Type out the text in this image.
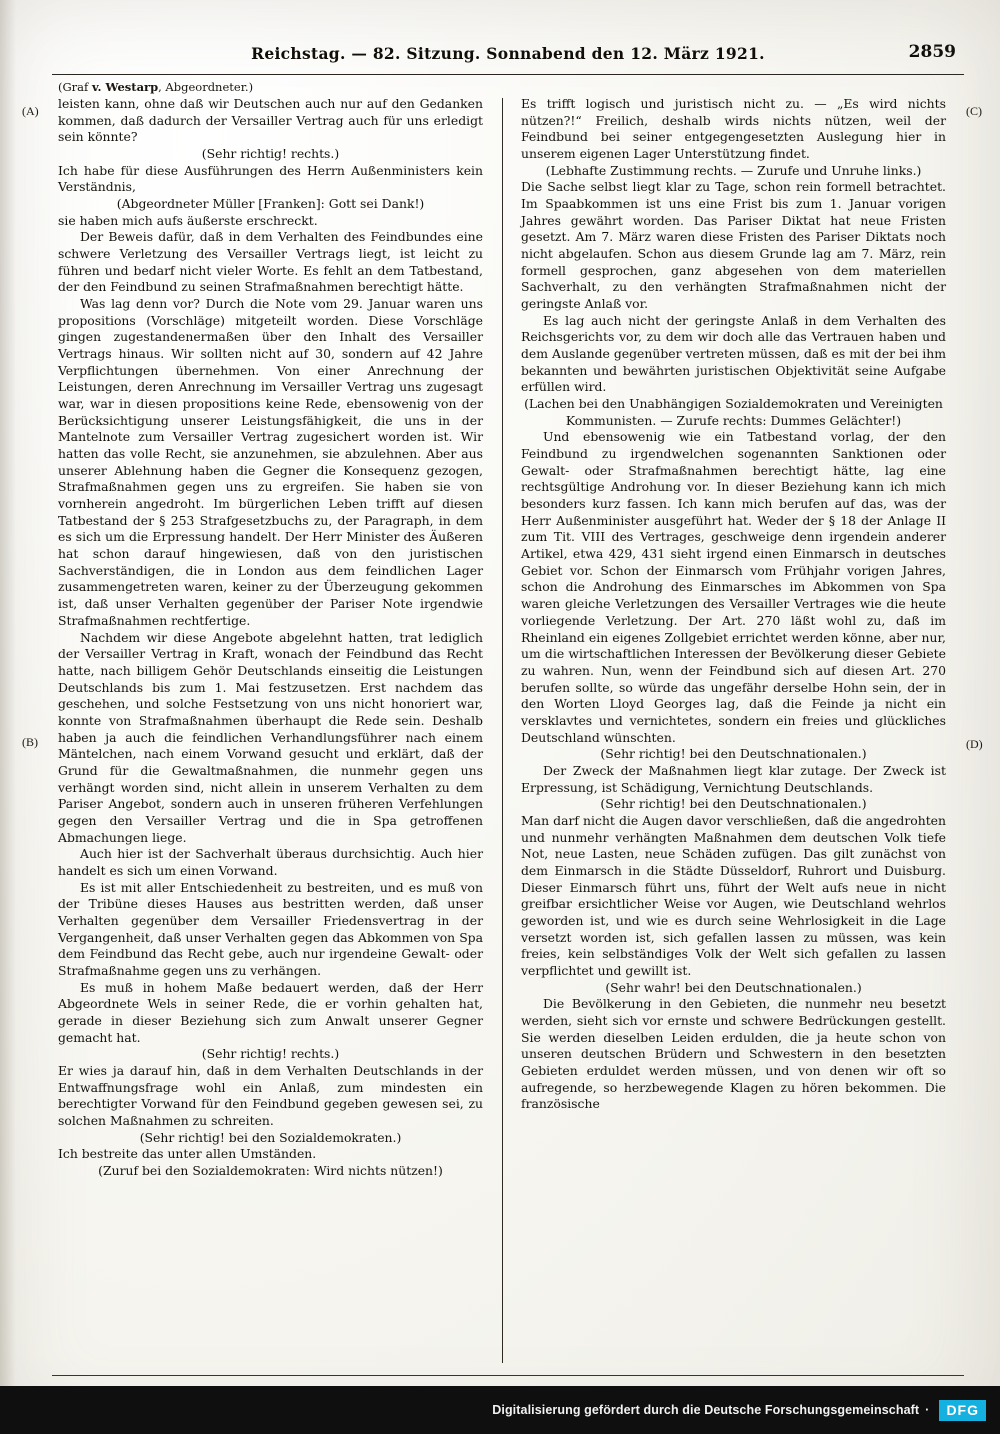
Reichstag. — 82. Sitzung. Sonnabend den 12. März 1921.	2859
(Graf v. Westarp, Abgeordneter.)
(A)
(B)
(C)
(D)

leisten kann, ohne daß wir Deutschen auch nur auf den Gedanken kommen, daß dadurch der Versailler Vertrag auch für uns erledigt sein könnte?

(Sehr richtig! rechts.)

Ich habe für diese Ausführungen des Herrn Außenministers kein Verständnis,

(Abgeordneter Müller [Franken]: Gott sei Dank!)

sie haben mich aufs äußerste erschreckt.

Der Beweis dafür, daß in dem Verhalten des Feindbundes eine schwere Verletzung des Versailler Vertrags liegt, ist leicht zu führen und bedarf nicht vieler Worte. Es fehlt an dem Tatbestand, der den Feindbund zu seinen Strafmaßnahmen berechtigt hätte.

Was lag denn vor? Durch die Note vom 29. Januar waren uns propositions (Vorschläge) mitgeteilt worden. Diese Vorschläge gingen zugestandenermaßen über den Inhalt des Versailler Vertrags hinaus. Wir sollten nicht auf 30, sondern auf 42 Jahre Verpflichtungen übernehmen. Von einer Anrechnung der Leistungen, deren Anrechnung im Versailler Vertrag uns zugesagt war, war in diesen propositions keine Rede, ebensowenig von der Berücksichtigung unserer Leistungsfähigkeit, die uns in der Mantelnote zum Versailler Vertrag zugesichert worden ist. Wir hatten das volle Recht, sie anzunehmen, sie abzulehnen. Aber aus unserer Ablehnung haben die Gegner die Konsequenz gezogen, Strafmaßnahmen gegen uns zu ergreifen. Sie haben sie von vornherein angedroht. Im bürgerlichen Leben trifft auf diesen Tatbestand der § 253 Strafgesetzbuchs zu, der Paragraph, in dem es sich um die Erpressung handelt. Der Herr Minister des Äußeren hat schon darauf hingewiesen, daß von den juristischen Sachverständigen, die in London aus dem feindlichen Lager zusammengetreten waren, keiner zu der Überzeugung gekommen ist, daß unser Verhalten gegenüber der Pariser Note irgendwie Strafmaßnahmen rechtfertige.

Nachdem wir diese Angebote abgelehnt hatten, trat lediglich der Versailler Vertrag in Kraft, wonach der Feindbund das Recht hatte, nach billigem Gehör Deutschlands einseitig die Leistungen Deutschlands bis zum 1. Mai festzusetzen. Erst nachdem das geschehen, und solche Festsetzung von uns nicht honoriert war, konnte von Strafmaßnahmen überhaupt die Rede sein. Deshalb haben ja auch die feindlichen Verhandlungsführer nach einem Mäntelchen, nach einem Vorwand gesucht und erklärt, daß der Grund für die Gewaltmaßnahmen, die nunmehr gegen uns verhängt worden sind, nicht allein in unserem Verhalten zu dem Pariser Angebot, sondern auch in unseren früheren Verfehlungen gegen den Versailler Vertrag und die in Spa getroffenen Abmachungen liege.

Auch hier ist der Sachverhalt überaus durchsichtig. Auch hier handelt es sich um einen Vorwand.

Es ist mit aller Entschiedenheit zu bestreiten, und es muß von der Tribüne dieses Hauses aus bestritten werden, daß unser Verhalten gegenüber dem Versailler Friedensvertrag in der Vergangenheit, daß unser Verhalten gegen das Abkommen von Spa dem Feindbund das Recht gebe, auch nur irgendeine Gewalt- oder Strafmaßnahme gegen uns zu verhängen.

Es muß in hohem Maße bedauert werden, daß der Herr Abgeordnete Wels in seiner Rede, die er vorhin gehalten hat, gerade in dieser Beziehung sich zum Anwalt unserer Gegner gemacht hat.

(Sehr richtig! rechts.)

Er wies ja darauf hin, daß in dem Verhalten Deutschlands in der Entwaffnungsfrage wohl ein Anlaß, zum mindesten ein berechtigter Vorwand für den Feindbund gegeben gewesen sei, zu solchen Maßnahmen zu schreiten.

(Sehr richtig! bei den Sozialdemokraten.)

Ich bestreite das unter allen Umständen.

(Zuruf bei den Sozialdemokraten: Wird nichts nützen!)

Es trifft logisch und juristisch nicht zu. — „Es wird nichts nützen?!“ Freilich, deshalb wirds nichts nützen, weil der Feindbund bei seiner entgegengesetzten Auslegung hier in unserem eigenen Lager Unterstützung findet.

(Lebhafte Zustimmung rechts. — Zurufe und Unruhe links.)

Die Sache selbst liegt klar zu Tage, schon rein formell betrachtet. Im Spaabkommen ist uns eine Frist bis zum 1. Januar vorigen Jahres gewährt worden. Das Pariser Diktat hat neue Fristen gesetzt. Am 7. März waren diese Fristen des Pariser Diktats noch nicht abgelaufen. Schon aus diesem Grunde lag am 7. März, rein formell gesprochen, ganz abgesehen von dem materiellen Sachverhalt, zu den verhängten Strafmaßnahmen nicht der geringste Anlaß vor.

Es lag auch nicht der geringste Anlaß in dem Verhalten des Reichsgerichts vor, zu dem wir doch alle das Vertrauen haben und dem Auslande gegenüber vertreten müssen, daß es mit der bei ihm bekannten und bewährten juristischen Objektivität seine Aufgabe erfüllen wird.

(Lachen bei den Unabhängigen Sozialdemokraten und Vereinigten Kommunisten. — Zurufe rechts: Dummes Gelächter!)

Und ebensowenig wie ein Tatbestand vorlag, der den Feindbund zu irgendwelchen sogenannten Sanktionen oder Gewalt- oder Strafmaßnahmen berechtigt hätte, lag eine rechtsgültige Androhung vor. In dieser Beziehung kann ich mich besonders kurz fassen. Ich kann mich berufen auf das, was der Herr Außenminister ausgeführt hat. Weder der § 18 der Anlage II zum Tit. VIII des Vertrages, geschweige denn irgendein anderer Artikel, etwa 429, 431 sieht irgend einen Einmarsch in deutsches Gebiet vor. Schon der Einmarsch vom Frühjahr vorigen Jahres, schon die Androhung des Einmarsches im Abkommen von Spa waren gleiche Verletzungen des Versailler Vertrages wie die heute vorliegende Verletzung. Der Art. 270 läßt wohl zu, daß im Rheinland ein eigenes Zollgebiet errichtet werden könne, aber nur, um die wirtschaftlichen Interessen der Bevölkerung dieser Gebiete zu wahren. Nun, wenn der Feindbund sich auf diesen Art. 270 berufen sollte, so würde das ungefähr derselbe Hohn sein, der in den Worten Lloyd Georges lag, daß die Feinde ja nicht ein versklavtes und vernichtetes, sondern ein freies und glückliches Deutschland wünschten.

(Sehr richtig! bei den Deutschnationalen.)

Der Zweck der Maßnahmen liegt klar zutage. Der Zweck ist Erpressung, ist Schädigung, Vernichtung Deutschlands.

(Sehr richtig! bei den Deutschnationalen.)

Man darf nicht die Augen davor verschließen, daß die angedrohten und nunmehr verhängten Maßnahmen dem deutschen Volk tiefe Not, neue Lasten, neue Schäden zufügen. Das gilt zunächst von dem Einmarsch in die Städte Düsseldorf, Ruhrort und Duisburg. Dieser Einmarsch führt uns, führt der Welt aufs neue in nicht greifbar ersichtlicher Weise vor Augen, wie Deutschland wehrlos geworden ist, und wie es durch seine Wehrlosigkeit in die Lage versetzt worden ist, sich gefallen lassen zu müssen, was kein freies, kein selbständiges Volk der Welt sich gefallen zu lassen verpflichtet und gewillt ist.

(Sehr wahr! bei den Deutschnationalen.)

Die Bevölkerung in den Gebieten, die nunmehr neu besetzt werden, sieht sich vor ernste und schwere Bedrückungen gestellt. Sie werden dieselben Leiden erdulden, die ja heute schon von unseren deutschen Brüdern und Schwestern in den besetzten Gebieten erduldet werden müssen, und von denen wir oft so aufregende, so herzbewegende Klagen zu hören bekommen. Die französische

Digitalisierung gefördert durch die Deutsche Forschungsgemeinschaft ·	DFG
